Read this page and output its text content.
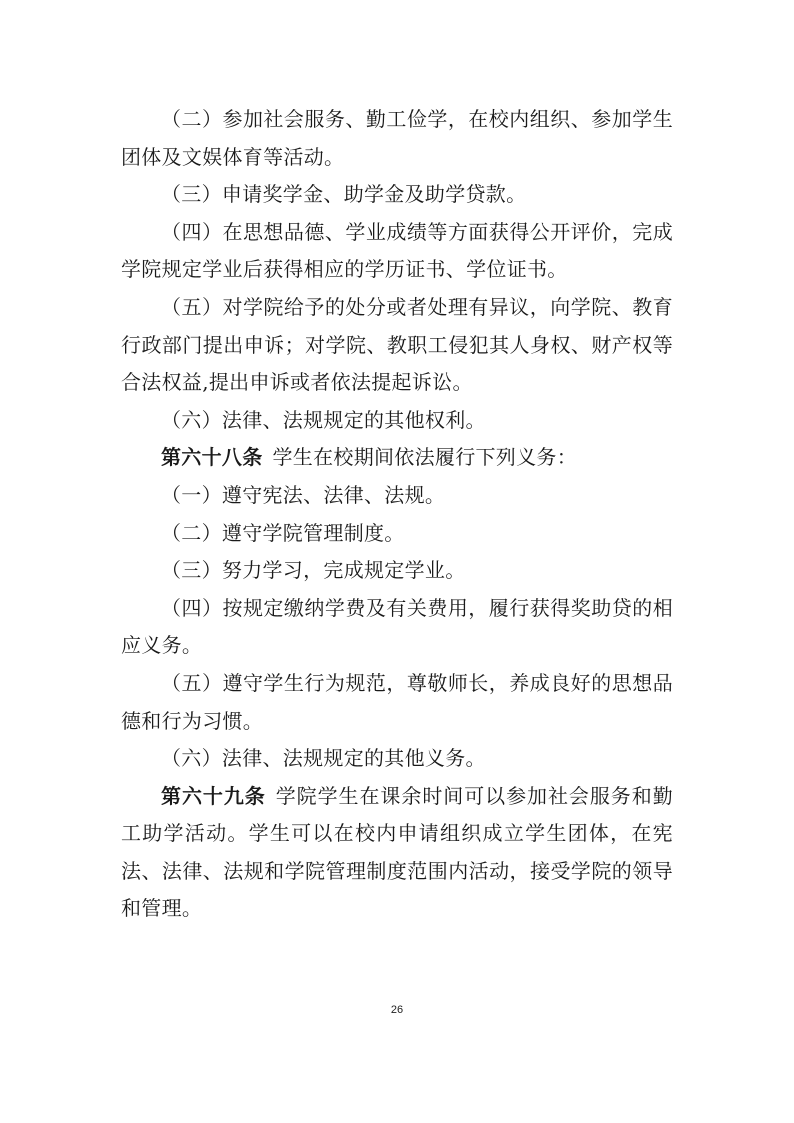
（二）参加社会服务、勤工俭学，在校内组织、参加学生团体及文娱体育等活动。

（三）申请奖学金、助学金及助学贷款。

（四）在思想品德、学业成绩等方面获得公开评价，完成学院规定学业后获得相应的学历证书、学位证书。

（五）对学院给予的处分或者处理有异议，向学院、教育行政部门提出申诉；对学院、教职工侵犯其人身权、财产权等合法权益,提出申诉或者依法提起诉讼。

（六）法律、法规规定的其他权利。

第六十八条 学生在校期间依法履行下列义务：

（一）遵守宪法、法律、法规。

（二）遵守学院管理制度。

（三）努力学习，完成规定学业。

（四）按规定缴纳学费及有关费用，履行获得奖助贷的相应义务。

（五）遵守学生行为规范，尊敬师长，养成良好的思想品德和行为习惯。

（六）法律、法规规定的其他义务。

第六十九条 学院学生在课余时间可以参加社会服务和勤工助学活动。学生可以在校内申请组织成立学生团体，在宪法、法律、法规和学院管理制度范围内活动，接受学院的领导和管理。

26
